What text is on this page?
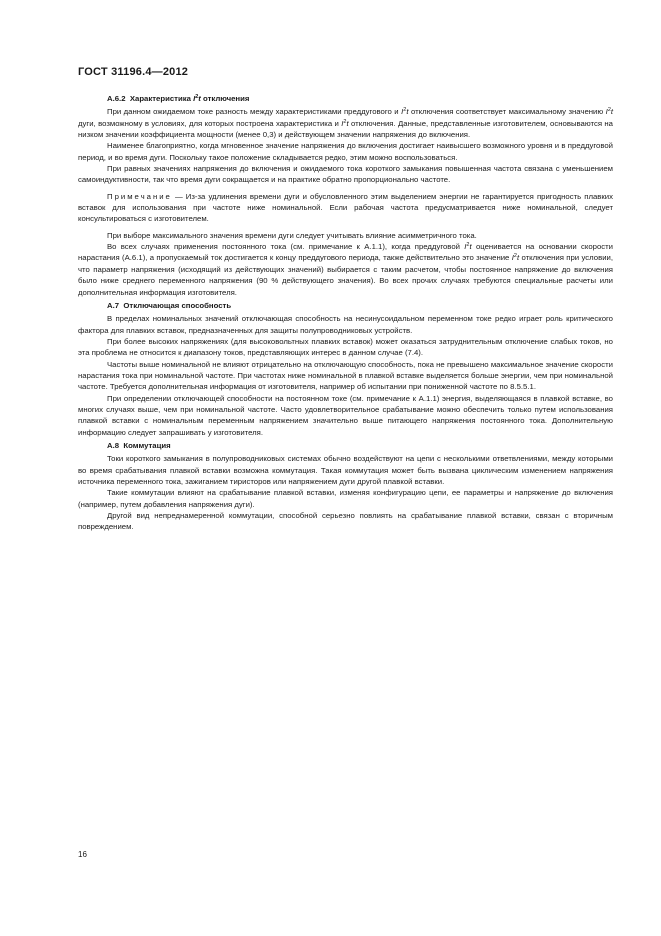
ГОСТ 31196.4—2012
А.6.2 Характеристика $I^2t$ отключения

При данном ожидаемом токе разность между характеристиками преддугового и $I^2t$ отключения соответствует максимальному значению $I^2t$ дуги, возможному в условиях, для которых построена характеристика и $I^2t$ отключения. Данные, представленные изготовителем, основываются на низком значении коэффициента мощности (менее 0,3) и действующем значении напряжения до включения.

Наименее благоприятно, когда мгновенное значение напряжения до включения достигает наивысшего возможного уровня и в преддуговой период, и во время дуги. Поскольку такое положение складывается редко, этим можно воспользоваться.

При равных значениях напряжения до включения и ожидаемого тока короткого замыкания повышенная частота связана с уменьшением самоиндуктивности, так что время дуги сокращается и на практике обратно пропорционально частоте.

Примечание — Из-за удлинения времени дуги и обусловленного этим выделением энергии не гарантируется пригодность плавких вставок для использования при частоте ниже номинальной. Если рабочая частота предусматривается ниже номинальной, следует консультироваться с изготовителем.

При выборе максимального значения времени дуги следует учитывать влияние асимметричного тока.

Во всех случаях применения постоянного тока (см. примечание к А.1.1), когда преддуговой $I^2t$ оценивается на основании скорости нарастания (А.6.1), а пропускаемый ток достигается к концу преддугового периода, также действительно это значение $I^2t$ отключения при условии, что параметр напряжения (исходящий из действующих значений) выбирается с таким расчетом, чтобы постоянное напряжение до включения было ниже среднего переменного напряжения (90 % действующего значения). Во всех прочих случаях требуются специальные расчеты или дополнительная информация изготовителя.

А.7 Отключающая способность

В пределах номинальных значений отключающая способность на несинусоидальном переменном токе редко играет роль критического фактора для плавких вставок, предназначенных для защиты полупроводниковых устройств.

При более высоких напряжениях (для высоковольтных плавких вставок) может оказаться затруднительным отключение слабых токов, но эта проблема не относится к диапазону токов, представляющих интерес в данном случае (7.4).

Частоты выше номинальной не влияют отрицательно на отключающую способность, пока не превышено максимальное значение скорости нарастания тока при номинальной частоте. При частотах ниже номинальной в плавкой вставке выделяется больше энергии, чем при номинальной частоте. Требуется дополнительная информация от изготовителя, например об испытании при пониженной частоте по 8.5.5.1.

При определении отключающей способности на постоянном токе (см. примечание к А.1.1) энергия, выделяющаяся в плавкой вставке, во многих случаях выше, чем при номинальной частоте. Часто удовлетворительное срабатывание можно обеспечить только путем использования плавкой вставки с номинальным переменным напряжением значительно выше питающего напряжения постоянного тока. Дополнительную информацию следует запрашивать у изготовителя.

А.8 Коммутация

Токи короткого замыкания в полупроводниковых системах обычно воздействуют на цепи с несколькими ответвлениями, между которыми во время срабатывания плавкой вставки возможна коммутация. Такая коммутация может быть вызвана циклическим изменением напряжения источника переменного тока, зажиганием тиристоров или напряжением дуги другой плавкой вставки.

Такие коммутации влияют на срабатывание плавкой вставки, изменяя конфигурацию цепи, ее параметры и напряжение до включения (например, путем добавления напряжения дуги).

Другой вид непреднамеренной коммутации, способной серьезно повлиять на срабатывание плавкой вставки, связан с вторичным повреждением.

16
